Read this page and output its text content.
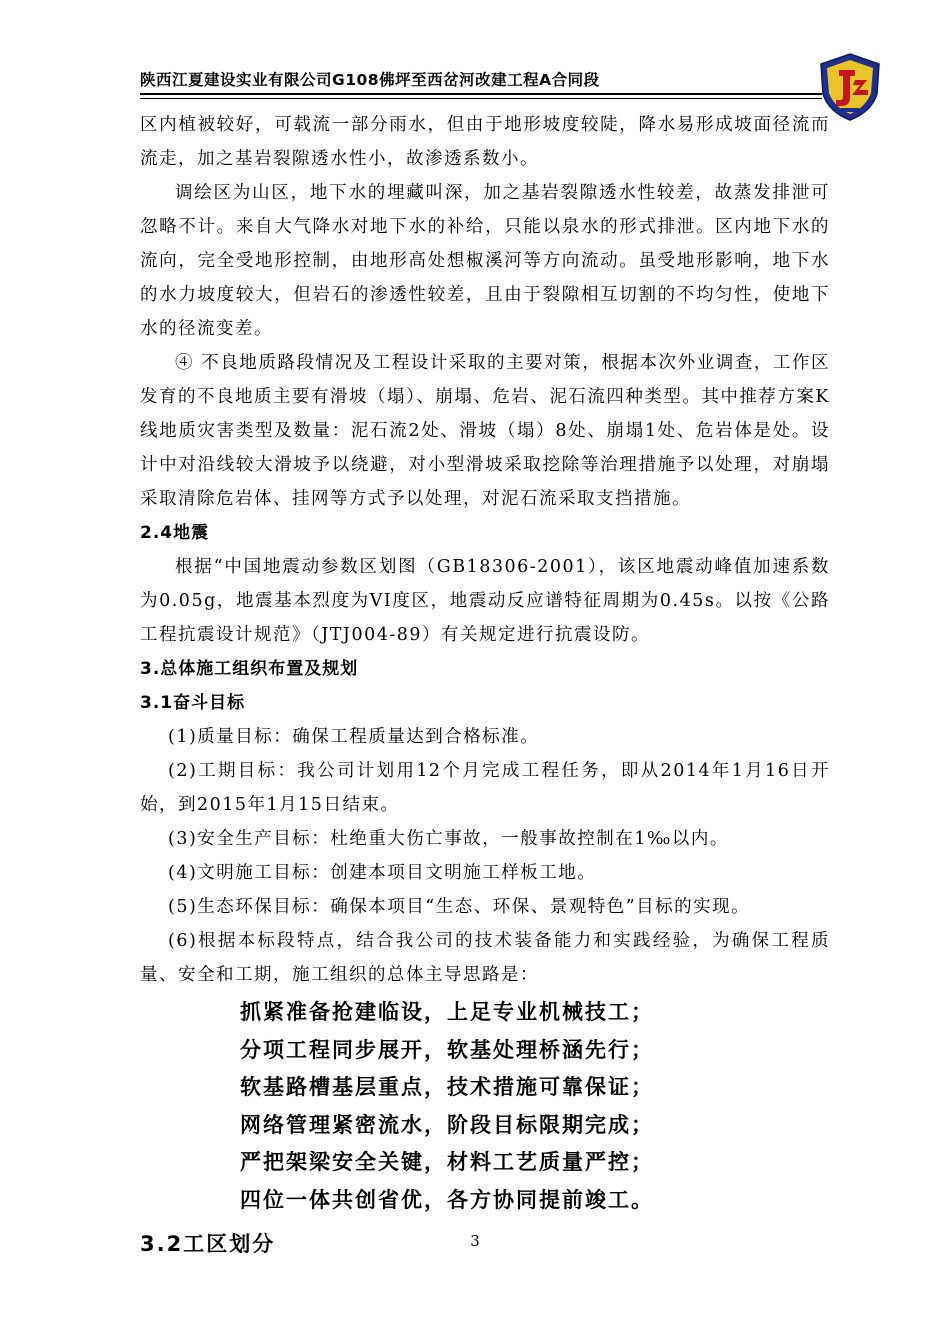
陕西江夏建设实业有限公司G108佛坪至西岔河改建工程A合同段

区内植被较好，可载流一部分雨水，但由于地形坡度较陡，降水易形成坡面径流而流走，加之基岩裂隙透水性小，故渗透系数小。

调绘区为山区，地下水的埋藏叫深，加之基岩裂隙透水性较差，故蒸发排泄可忽略不计。来自大气降水对地下水的补给，只能以泉水的形式排泄。区内地下水的流向，完全受地形控制，由地形高处想椒溪河等方向流动。虽受地形影响，地下水的水力坡度较大，但岩石的渗透性较差，且由于裂隙相互切割的不均匀性，使地下水的径流变差。

④ 不良地质路段情况及工程设计采取的主要对策，根据本次外业调查，工作区发育的不良地质主要有滑坡（塌）、崩塌、危岩、泥石流四种类型。其中推荐方案K线地质灾害类型及数量：泥石流2处、滑坡（塌）8处、崩塌1处、危岩体是处。设计中对沿线较大滑坡予以绕避，对小型滑坡采取挖除等治理措施予以处理，对崩塌采取清除危岩体、挂网等方式予以处理，对泥石流采取支挡措施。

2.4地震

根据“中国地震动参数区划图（GB18306-2001），该区地震动峰值加速系数为0.05g，地震基本烈度为VI度区，地震动反应谱特征周期为0.45s。以按《公路工程抗震设计规范》（JTJ004-89）有关规定进行抗震设防。

3.总体施工组织布置及规划
3.1奋斗目标

(1)质量目标：确保工程质量达到合格标准。

(2)工期目标：我公司计划用12个月完成工程任务，即从2014年1月16日开始，到2015年1月15日结束。

(3)安全生产目标：杜绝重大伤亡事故，一般事故控制在1‰以内。

(4)文明施工目标：创建本项目文明施工样板工地。

(5)生态环保目标：确保本项目“生态、环保、景观特色”目标的实现。

(6)根据本标段特点，结合我公司的技术装备能力和实践经验，为确保工程质量、安全和工期，施工组织的总体主导思路是：

抓紧准备抢建临设，上足专业机械技工；

分项工程同步展开，软基处理桥涵先行；

软基路槽基层重点，技术措施可靠保证；

网络管理紧密流水，阶段目标限期完成；

严把架梁安全关键，材料工艺质量严控；

四位一体共创省优，各方协同提前竣工。

3.2工区划分	3
